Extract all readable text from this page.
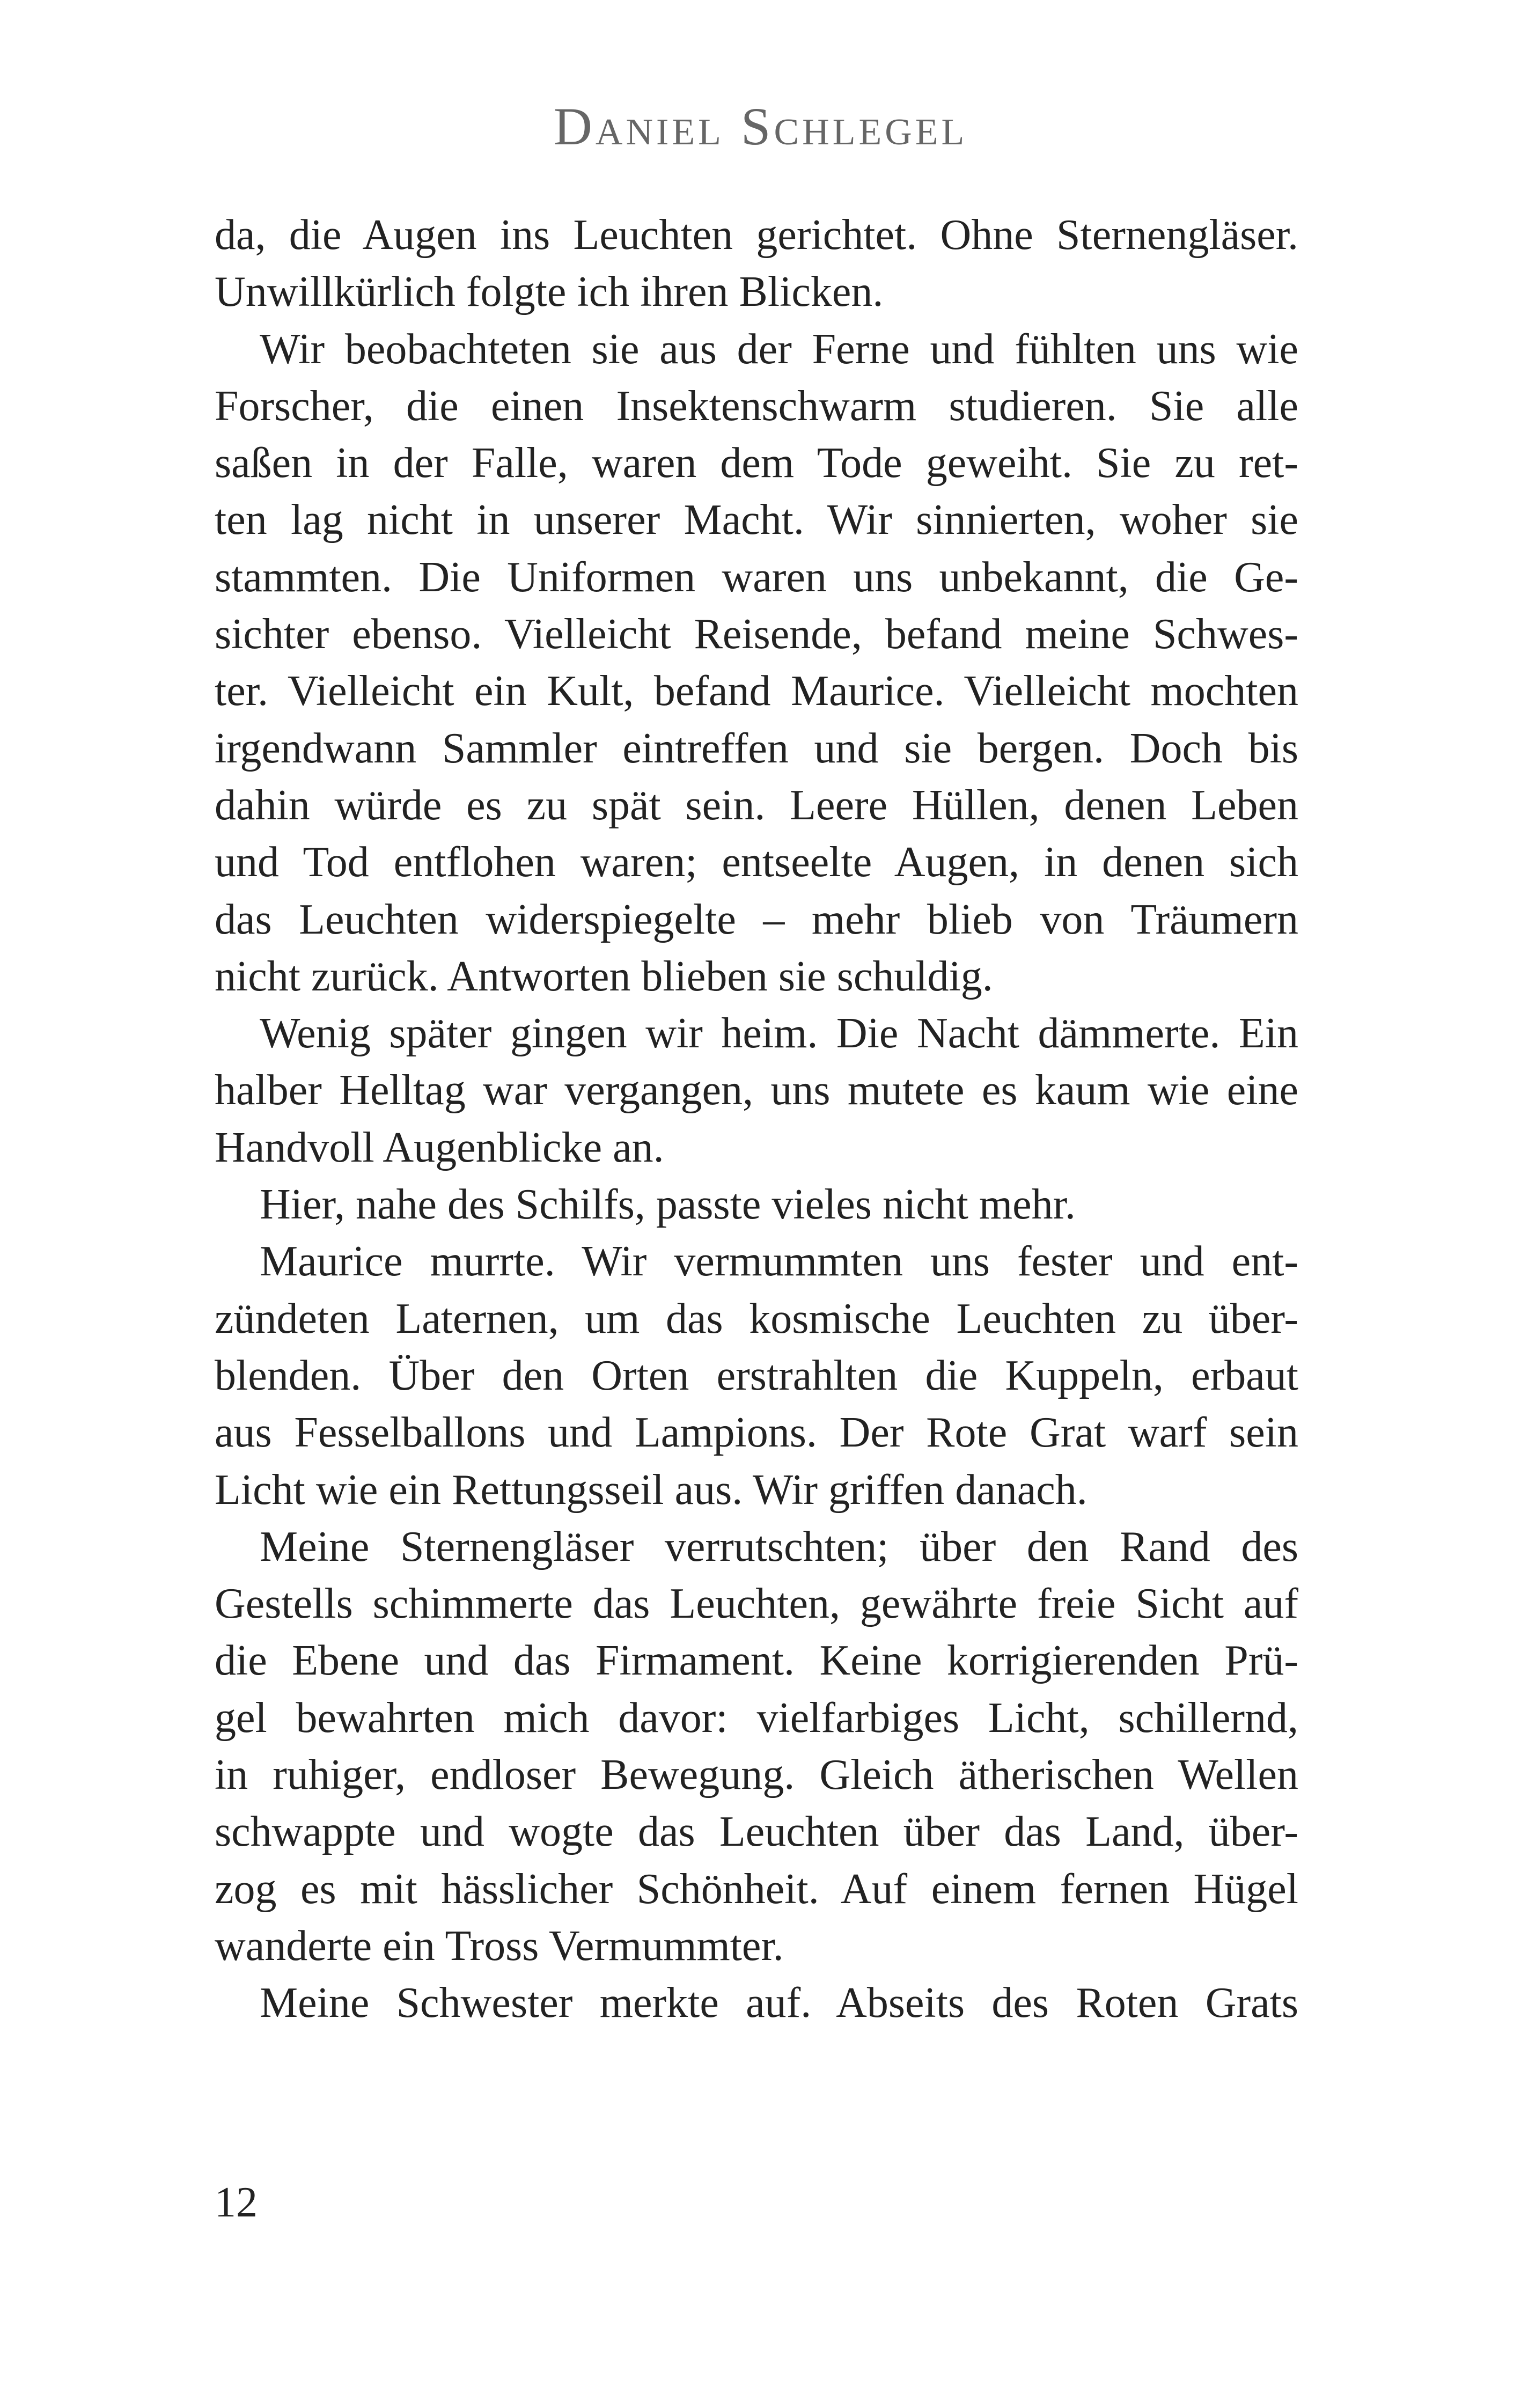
Daniel Schlegel
da, die Augen ins Leuchten gerichtet. Ohne Sternengläser.
Unwillkürlich folgte ich ihren Blicken.
Wir beobachteten sie aus der Ferne und fühlten uns wie
Forscher, die einen Insektenschwarm studieren. Sie alle
saßen in der Falle, waren dem Tode geweiht. Sie zu ret-
ten lag nicht in unserer Macht. Wir sinnierten, woher sie
stammten. Die Uniformen waren uns unbekannt, die Ge-
sichter ebenso. Vielleicht Reisende, befand meine Schwes-
ter. Vielleicht ein Kult, befand Maurice. Vielleicht mochten
irgendwann Sammler eintreffen und sie bergen. Doch bis
dahin würde es zu spät sein. Leere Hüllen, denen Leben
und Tod entflohen waren; entseelte Augen, in denen sich
das Leuchten widerspiegelte – mehr blieb von Träumern
nicht zurück. Antworten blieben sie schuldig.
Wenig später gingen wir heim. Die Nacht dämmerte. Ein
halber Helltag war vergangen, uns mutete es kaum wie eine
Handvoll Augenblicke an.
Hier, nahe des Schilfs, passte vieles nicht mehr.
Maurice murrte. Wir vermummten uns fester und ent-
zündeten Laternen, um das kosmische Leuchten zu über-
blenden. Über den Orten erstrahlten die Kuppeln, erbaut
aus Fesselballons und Lampions. Der Rote Grat warf sein
Licht wie ein Rettungsseil aus. Wir griffen danach.
Meine Sternengläser verrutschten; über den Rand des
Gestells schimmerte das Leuchten, gewährte freie Sicht auf
die Ebene und das Firmament. Keine korrigierenden Prü-
gel bewahrten mich davor: vielfarbiges Licht, schillernd,
in ruhiger, endloser Bewegung. Gleich ätherischen Wellen
schwappte und wogte das Leuchten über das Land, über-
zog es mit hässlicher Schönheit. Auf einem fernen Hügel
wanderte ein Tross Vermummter.
Meine Schwester merkte auf. Abseits des Roten Grats
12
